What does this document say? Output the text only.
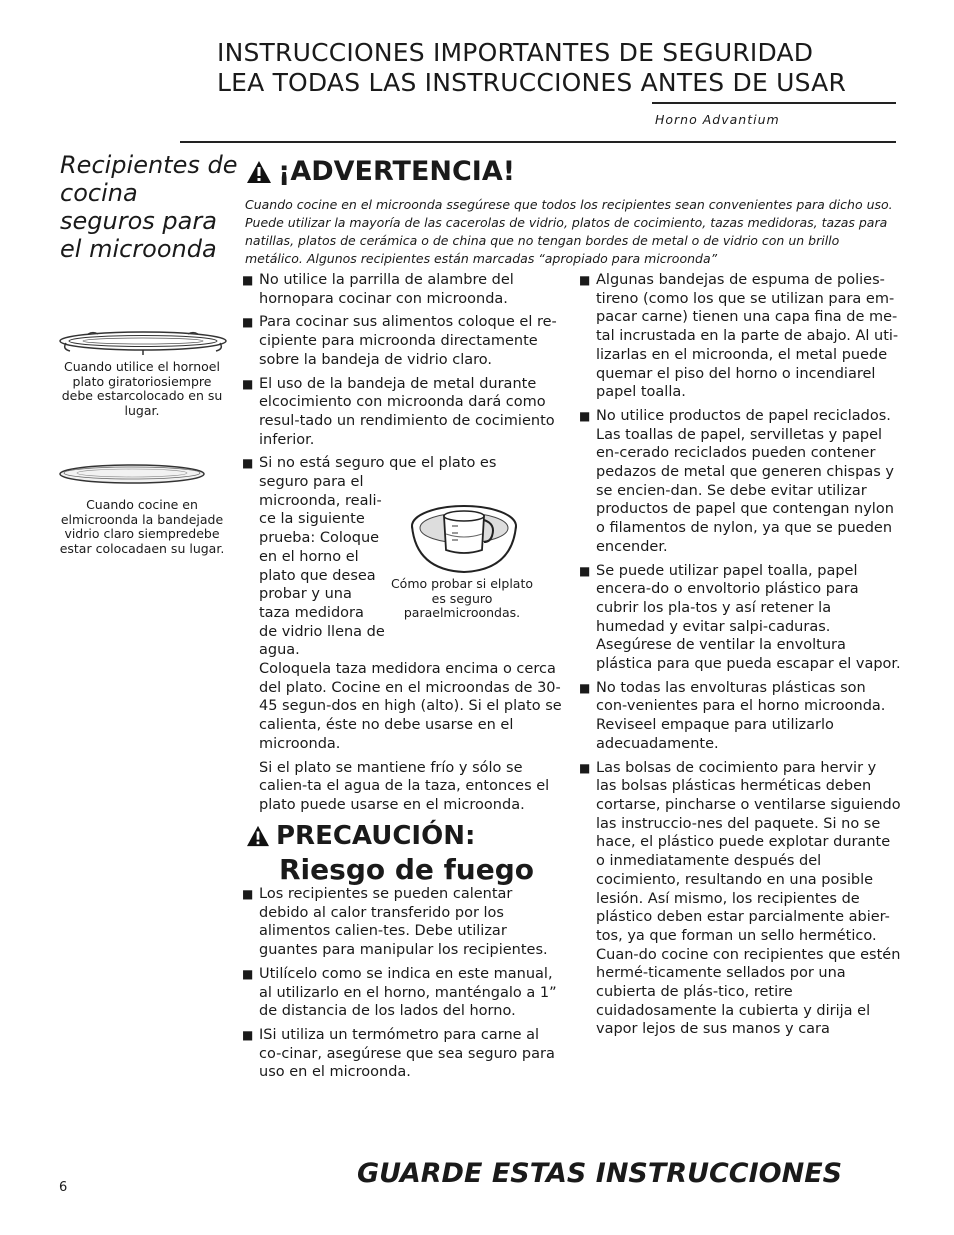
INSTRUCCIONES IMPORTANTES DE SEGURIDAD
LEA TODAS LAS INSTRUCCIONES ANTES DE USAR
Horno Advantium
Recipientes de cocina seguros para el microonda
Cuando utilice el hornoel plato giratoriosiempre debe estarcolocado en su lugar.
Cuando cocine en elmicroonda la bandejade vidrio claro siempredebe estar colocadaen su lugar.
¡ADVERTENCIA!
Cuando cocine en el microonda ssegúrese que todos los recipientes sean convenientes para dicho uso. Puede utilizar la mayoría de las cacerolas de vidrio, platos de cocimiento, tazas medidoras, tazas para natillas, platos de cerámica o de china que no tengan bordes de metal o de vidrio con un brillo metálico. Algunos recipientes están marcadas “apropiado para microonda”
■ No utilice la parrilla de alambre del hornopara cocinar con microonda.
■ Para cocinar sus alimentos coloque el re-cipiente para microonda directamente sobre la bandeja de vidrio claro.
■ El uso de la bandeja de metal durante elcocimiento con microonda dará como resul-tado un rendimiento de cocimiento inferior.
■ Si no está seguro que el plato es
seguro para el microonda, reali-ce la siguiente prueba: Coloque en el horno el plato que desea probar y una taza medidora de vidrio llena de agua.
Coloquela taza medidora encima o cerca del plato. Cocine en el microondas de 30-45 segun-dos en high (alto). Si el plato se calienta, éste no debe usarse en el microonda.
Si el plato se mantiene frío y sólo se calien-ta el agua de la taza, entonces el plato puede usarse en el microonda.
Cómo probar si elplato es seguro paraelmicroondas.
PRECAUCIÓN:
Riesgo de fuego
■ Los recipientes se pueden calentar debido al calor transferido por los alimentos calien-tes. Debe utilizar guantes para manipular los recipientes.
■ Utilícelo como se indica en este manual, al utilizarlo en el horno, manténgalo a 1” de distancia de los lados del horno.
■ ISi utiliza un termómetro para carne al co-cinar, asegúrese que sea seguro para uso en el microonda.
■ Algunas bandejas de espuma de polies-tireno (como los que se utilizan para em-pacar carne) tienen una capa fina de me-tal incrustada en la parte de abajo. Al uti-lizarlas en el microonda, el metal puede quemar el piso del horno o incendiarel papel toalla.
■ No utilice productos de papel reciclados. Las toallas de papel, servilletas y papel en-cerado reciclados pueden contener pedazos de metal que generen chispas y se encien-dan. Se debe evitar utilizar productos de papel que contengan nylon o filamentos de nylon, ya que se pueden encender.
■ Se puede utilizar papel toalla, papel encera-do o envoltorio plástico para cubrir los pla-tos y así retener la humedad y evitar salpi-caduras. Asegúrese de ventilar la envoltura plástica para que pueda escapar el vapor.
■ No todas las envolturas plásticas son con-venientes para el horno microonda. Reviseel empaque para utilizarlo adecuadamente.
■ Las bolsas de cocimiento para hervir y las bolsas plásticas herméticas deben cortarse, pincharse o ventilarse siguiendo las instruccio-nes del paquete. Si no se hace, el plástico puede explotar durante o inmediatamente después del cocimiento, resultando en una posible lesión. Así mismo, los recipientes de plástico deben estar parcialmente abier-tos, ya que forman un sello hermético. Cuan-do cocine con recipientes que estén hermé-ticamente sellados por una cubierta de plás-tico, retire cuidadosamente la cubierta y dirija el vapor lejos de sus manos y cara
GUARDE ESTAS INSTRUCCIONES
6
